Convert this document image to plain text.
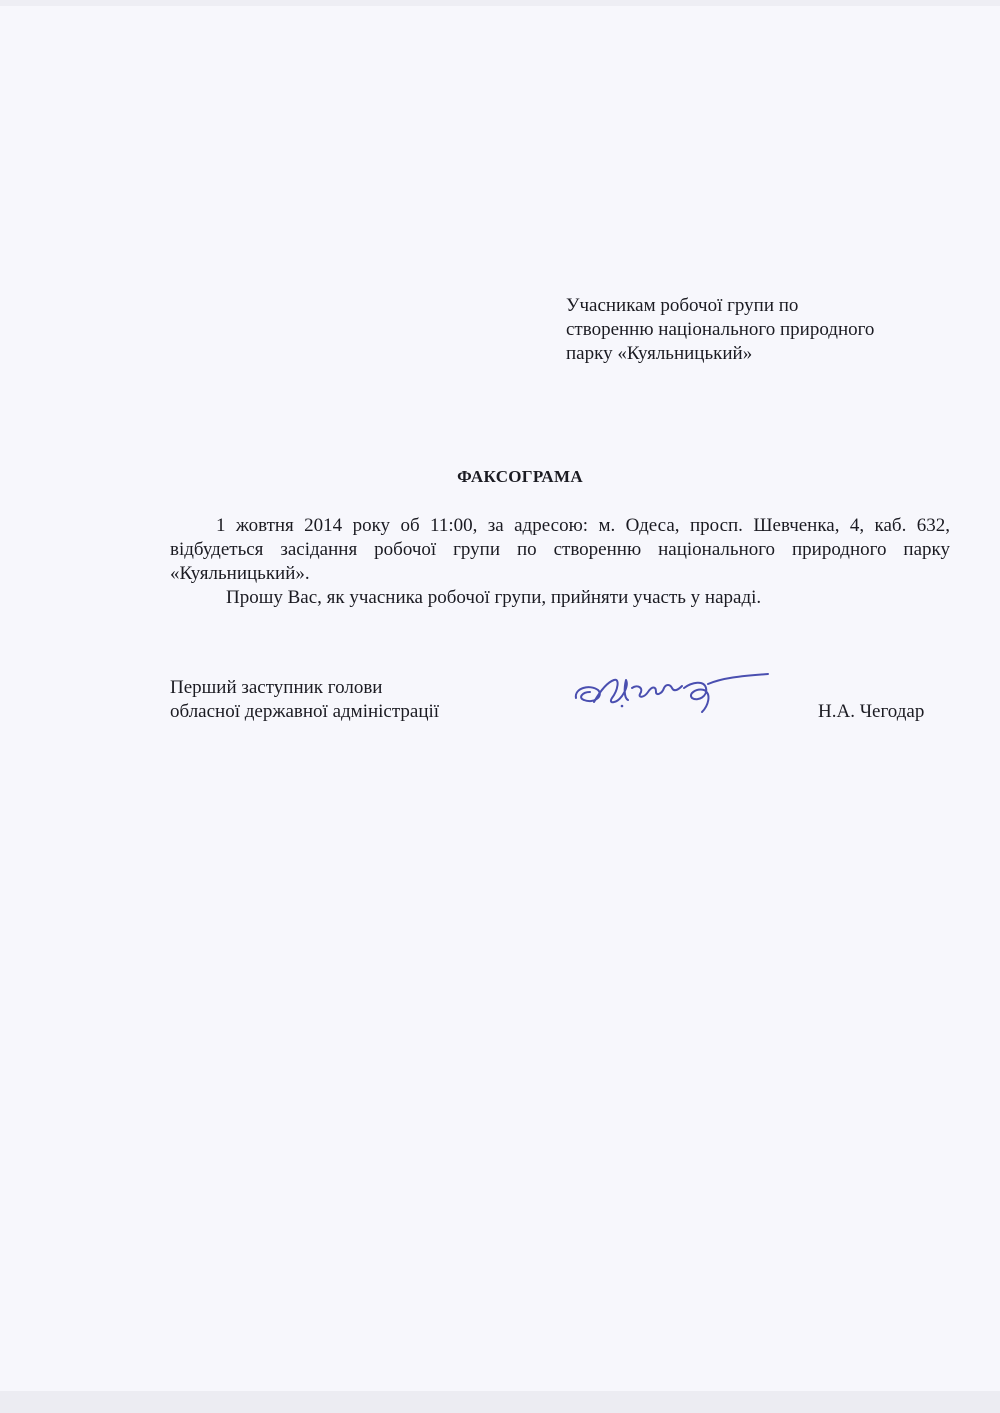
Учасникам робочої групи по
створенню національного природного
парку «Куяльницький»
ФАКСОГРАМА

1 жовтня 2014 року об 11:00, за адресою: м. Одеса, просп. Шевченка, 4, каб. 632, відбудеться засідання робочої групи по створенню національного природного парку «Куяльницький».

Прошу Вас, як учасника робочої групи, прийняти участь у нараді.

Перший заступник голови
обласної державної адміністрації	Н.А. Чегодар
